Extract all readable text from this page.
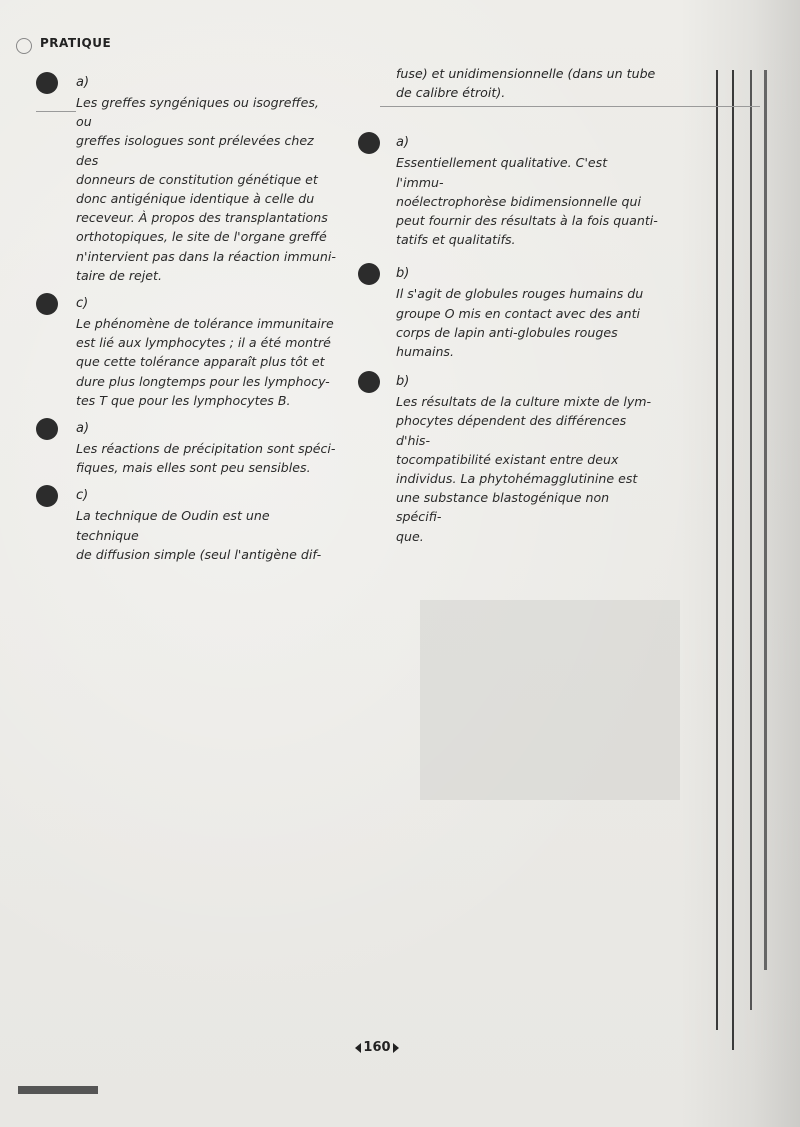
PRATIQUE
a)

Les greffes syngéniques ou isogreffes, ou
greffes isologues sont prélevées chez des
donneurs de constitution génétique et
donc antigénique identique à celle du
receveur. À propos des transplantations
orthotopiques, le site de l'organe greffé
n'intervient pas dans la réaction immuni-
taire de rejet.

c)

Le phénomène de tolérance immunitaire
est lié aux lymphocytes ; il a été montré
que cette tolérance apparaît plus tôt et
dure plus longtemps pour les lymphocy-
tes T que pour les lymphocytes B.

a)

Les réactions de précipitation sont spéci-
fiques, mais elles sont peu sensibles.

c)

La technique de Oudin est une technique
de diffusion simple (seul l'antigène dif-

fuse) et unidimensionnelle (dans un tube
de calibre étroit).

a)

Essentiellement qualitative. C'est l'immu-
noélectrophorèse bidimensionnelle qui
peut fournir des résultats à la fois quanti-
tatifs et qualitatifs.

b)

Il s'agit de globules rouges humains du
groupe O mis en contact avec des anti
corps de lapin anti-globules rouges
humains.

b)

Les résultats de la culture mixte de lym-
phocytes dépendent des différences d'his-
tocompatibilité existant entre deux
individus. La phytohémagglutinine est
une substance blastogénique non spécifi-
que.

160
